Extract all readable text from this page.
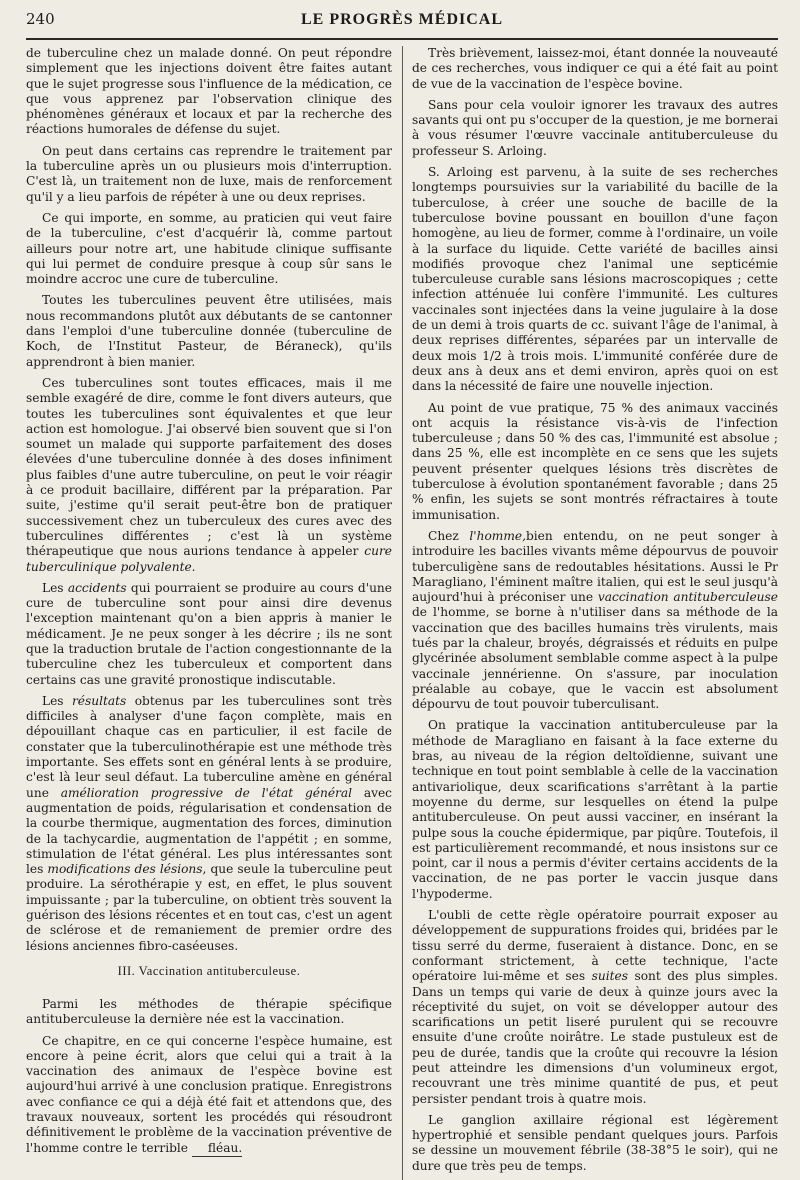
240	LE PROGRÈS MÉDICAL

de tuberculine chez un malade donné. On peut répondre simplement que les injections doivent être faites autant que le sujet progresse sous l'influence de la médication, ce que vous apprenez par l'observation clinique des phénomènes généraux et locaux et par la recherche des réactions humorales de défense du sujet.

On peut dans certains cas reprendre le traitement par la tuberculine après un ou plusieurs mois d'interruption. C'est là, un traitement non de luxe, mais de renforcement qu'il y a lieu parfois de répéter à une ou deux reprises.

Ce qui importe, en somme, au praticien qui veut faire de la tuberculine, c'est d'acquérir là, comme partout ailleurs pour notre art, une habitude clinique suffisante qui lui permet de conduire presque à coup sûr sans le moindre accroc une cure de tuberculine.

Toutes les tuberculines peuvent être utilisées, mais nous recommandons plutôt aux débutants de se cantonner dans l'emploi d'une tuberculine donnée (tuberculine de Koch, de l'Institut Pasteur, de Béraneck), qu'ils apprendront à bien manier.

Ces tuberculines sont toutes efficaces, mais il me semble exagéré de dire, comme le font divers auteurs, que toutes les tuberculines sont équivalentes et que leur action est homologue. J'ai observé bien souvent que si l'on soumet un malade qui supporte parfaitement des doses élevées d'une tuberculine donnée à des doses infiniment plus faibles d'une autre tuberculine, on peut le voir réagir à ce produit bacillaire, différent par la préparation. Par suite, j'estime qu'il serait peut-être bon de pratiquer successivement chez un tuberculeux des cures avec des tuberculines différentes ; c'est là un système thérapeutique que nous aurions tendance à appeler cure tuberculinique polyvalente.

Les accidents qui pourraient se produire au cours d'une cure de tuberculine sont pour ainsi dire devenus l'exception maintenant qu'on a bien appris à manier le médicament. Je ne peux songer à les décrire ; ils ne sont que la traduction brutale de l'action congestionnante de la tuberculine chez les tuberculeux et comportent dans certains cas une gravité pronostique indiscutable.

Les résultats obtenus par les tuberculines sont très difficiles à analyser d'une façon complète, mais en dépouillant chaque cas en particulier, il est facile de constater que la tuberculinothérapie est une méthode très importante. Ses effets sont en général lents à se produire, c'est là leur seul défaut. La tuberculine amène en général une amélioration progressive de l'état général avec augmentation de poids, régularisation et condensation de la courbe thermique, augmentation des forces, diminution de la tachycardie, augmentation de l'appétit ; en somme, stimulation de l'état général. Les plus intéressantes sont les modifications des lésions, que seule la tuberculine peut produire. La sérothérapie y est, en effet, le plus souvent impuissante ; par la tuberculine, on obtient très souvent la guérison des lésions récentes et en tout cas, c'est un agent de sclérose et de remaniement de premier ordre des lésions anciennes fibro-caséeuses.

III. Vaccination antituberculeuse.

Parmi les méthodes de thérapie spécifique antituberculeuse la dernière née est la vaccination.

Ce chapitre, en ce qui concerne l'espèce humaine, est encore à peine écrit, alors que celui qui a trait à la vaccination des animaux de l'espèce bovine est aujourd'hui arrivé à une conclusion pratique. Enregistrons avec confiance ce qui a déjà été fait et attendons que, des travaux nouveaux, sortent les procédés qui résoudront définitivement le problème de la vaccination préventive de l'homme contre le terrible fléau.

Très brièvement, laissez-moi, étant donnée la nouveauté de ces recherches, vous indiquer ce qui a été fait au point de vue de la vaccination de l'espèce bovine.

Sans pour cela vouloir ignorer les travaux des autres savants qui ont pu s'occuper de la question, je me bornerai à vous résumer l'œuvre vaccinale antituberculeuse du professeur S. Arloing.

S. Arloing est parvenu, à la suite de ses recherches longtemps poursuivies sur la variabilité du bacille de la tuberculose, à créer une souche de bacille de la tuberculose bovine poussant en bouillon d'une façon homogène, au lieu de former, comme à l'ordinaire, un voile à la surface du liquide. Cette variété de bacilles ainsi modifiés provoque chez l'animal une septicémie tuberculeuse curable sans lésions macroscopiques ; cette infection atténuée lui confère l'immunité. Les cultures vaccinales sont injectées dans la veine jugulaire à la dose de un demi à trois quarts de cc. suivant l'âge de l'animal, à deux reprises différentes, séparées par un intervalle de deux mois 1/2 à trois mois. L'immunité conférée dure de deux ans à deux ans et demi environ, après quoi on est dans la nécessité de faire une nouvelle injection.

Au point de vue pratique, 75 % des animaux vaccinés ont acquis la résistance vis-à-vis de l'infection tuberculeuse ; dans 50 % des cas, l'immunité est absolue ; dans 25 %, elle est incomplète en ce sens que les sujets peuvent présenter quelques lésions très discrètes de tuberculose à évolution spontanément favorable ; dans 25 % enfin, les sujets se sont montrés réfractaires à toute immunisation.

Chez l'homme,bien entendu, on ne peut songer à introduire les bacilles vivants même dépourvus de pouvoir tuberculigène sans de redoutables hésitations. Aussi le Pr Maragliano, l'éminent maître italien, qui est le seul jusqu'à aujourd'hui à préconiser une vaccination antituberculeuse de l'homme, se borne à n'utiliser dans sa méthode de la vaccination que des bacilles humains très virulents, mais tués par la chaleur, broyés, dégraissés et réduits en pulpe glycérinée absolument semblable comme aspect à la pulpe vaccinale jennérienne. On s'assure, par inoculation préalable au cobaye, que le vaccin est absolument dépourvu de tout pouvoir tuberculisant.

On pratique la vaccination antituberculeuse par la méthode de Maragliano en faisant à la face externe du bras, au niveau de la région deltoïdienne, suivant une technique en tout point semblable à celle de la vaccination antivariolique, deux scarifications s'arrêtant à la partie moyenne du derme, sur lesquelles on étend la pulpe antituberculeuse. On peut aussi vacciner, en insérant la pulpe sous la couche épidermique, par piqûre. Toutefois, il est particulièrement recommandé, et nous insistons sur ce point, car il nous a permis d'éviter certains accidents de la vaccination, de ne pas porter le vaccin jusque dans l'hypoderme.

L'oubli de cette règle opératoire pourrait exposer au développement de suppurations froides qui, bridées par le tissu serré du derme, fuseraient à distance. Donc, en se conformant strictement, à cette technique, l'acte opératoire lui-même et ses suites sont des plus simples. Dans un temps qui varie de deux à quinze jours avec la réceptivité du sujet, on voit se développer autour des scarifications un petit liseré purulent qui se recouvre ensuite d'une croûte noirâtre. Le stade pustuleux est de peu de durée, tandis que la croûte qui recouvre la lésion peut atteindre les dimensions d'un volumineux ergot, recouvrant une très minime quantité de pus, et peut persister pendant trois à quatre mois.

Le ganglion axillaire régional est légèrement hypertrophié et sensible pendant quelques jours. Parfois se dessine un mouvement fébrile (38-38°5 le soir), qui ne dure que très peu de temps.
